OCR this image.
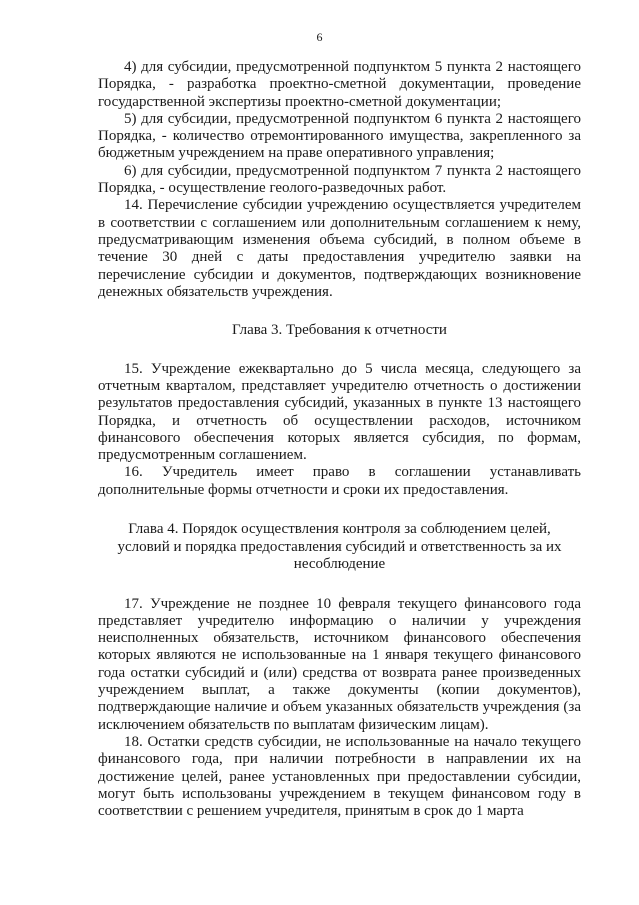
6

4) для субсидии, предусмотренной подпунктом 5 пункта 2 настоящего Порядка, - разработка проектно-сметной документации, проведение государственной экспертизы проектно-сметной документации;

5) для субсидии, предусмотренной подпунктом 6 пункта 2 настоящего Порядка, - количество отремонтированного имущества, закрепленного за бюджетным учреждением на праве оперативного управления;

6) для субсидии, предусмотренной подпунктом 7 пункта 2 настоящего Порядка, - осуществление геолого-разведочных работ.

14. Перечисление субсидии учреждению осуществляется учредителем в соответствии с соглашением или дополнительным соглашением к нему, предусматривающим изменения объема субсидий, в полном объеме в течение 30 дней с даты предоставления учредителю заявки на перечисление субсидии и документов, подтверждающих возникновение денежных обязательств учреждения.

Глава 3. Требования к отчетности

15. Учреждение ежеквартально до 5 числа месяца, следующего за отчетным кварталом, представляет учредителю отчетность о достижении результатов предоставления субсидий, указанных в пункте 13 настоящего Порядка, и отчетность об осуществлении расходов, источником финансового обеспечения которых является субсидия, по формам, предусмотренным соглашением.

16. Учредитель имеет право в соглашении устанавливать дополнительные формы отчетности и сроки их предоставления.

Глава 4. Порядок осуществления контроля за соблюдением целей, условий и порядка предоставления субсидий и ответственность за их несоблюдение

17. Учреждение не позднее 10 февраля текущего финансового года представляет учредителю информацию о наличии у учреждения неисполненных обязательств, источником финансового обеспечения которых являются не использованные на 1 января текущего финансового года остатки субсидий и (или) средства от возврата ранее произведенных учреждением выплат, а также документы (копии документов), подтверждающие наличие и объем указанных обязательств учреждения (за исключением обязательств по выплатам физическим лицам).

18. Остатки средств субсидии, не использованные на начало текущего финансового года, при наличии потребности в направлении их на достижение целей, ранее установленных при предоставлении субсидии, могут быть использованы учреждением в текущем финансовом году в соответствии с решением учредителя, принятым в срок до 1 марта
